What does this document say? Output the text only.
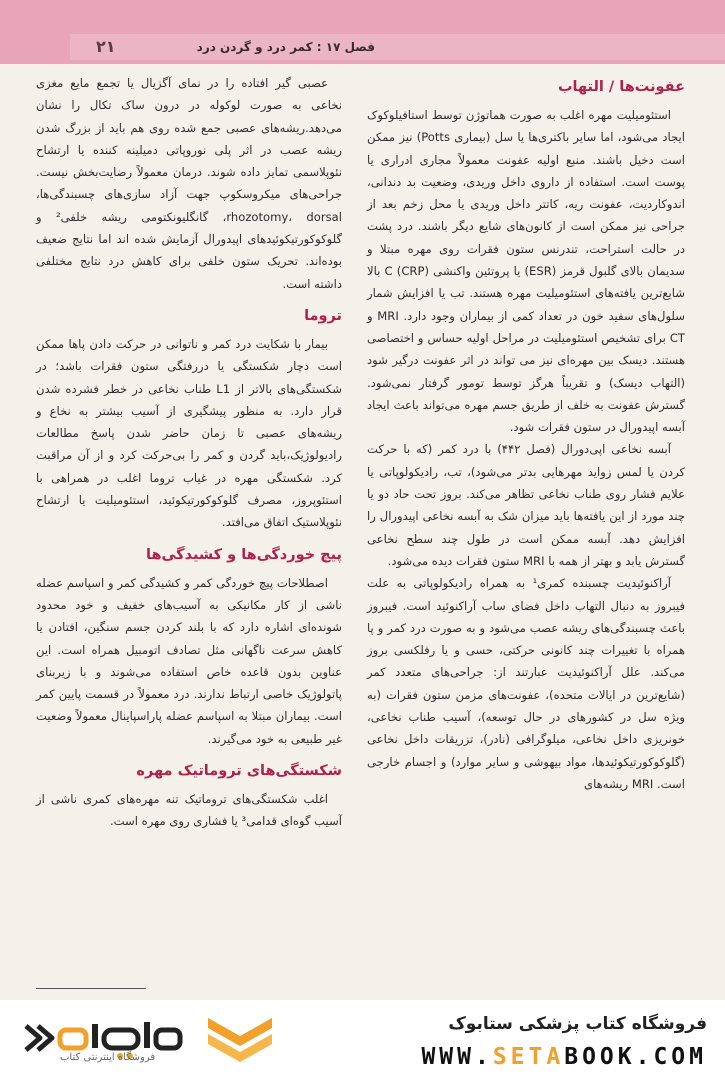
۲۱	فصل ۱۷ : کمر درد و گردن درد
عفونت‌ها / التهاب

استئومیلیت مهره اغلب به صورت هماتوژن توسط استافیلوکوک ایجاد می‌شود، اما سایر باکتری‌ها یا سل (بیماری Potts) نیز ممکن است دخیل باشند. منبع اولیه عفونت معمولاً مجاری ادراری یا پوست است. استفاده از داروی داخل وریدی، وضعیت بد دندانی، اندوکاردیت، عفونت ریه، کاتتر داخل وریدی یا محل زخم بعد از جراحی نیز ممکن است از کانون‌های شایع دیگر باشند. درد پشت در حالت استراحت، تندرنس ستون فقرات روی مهره مبتلا و سدیمان بالای گلبول قرمز (ESR) یا پروتئین واکنشی (CRP) C بالا شایع‌ترین یافته‌های استئومیلیت مهره هستند. تب یا افزایش شمار سلول‌های سفید خون در تعداد کمی از بیماران وجود دارد. MRI و CT برای تشخیص استئومیلیت در مراحل اولیه حساس و اختصاصی هستند. دیسک بین مهره‌ای نیز می‌ تواند در اثر عفونت درگیر شود (التهاب دیسک) و تقریباً هرگز توسط تومور گرفتار نمی‌شود. گسترش عفونت به خلف از طریق جسم مهره می‌تواند باعث ایجاد آبسه اپیدورال در ستون فقرات شود.

آبسه نخاعی اپی‌دورال (فصل ۴۴۲) با درد کمر (که با حرکت کردن یا لمس زواید مهرهایی بدتر می‌شود)، تب، رادیکولوپاتی یا علایم فشار روی طناب نخاعی تظاهر می‌کند. بروز تحت حاد دو یا چند مورد از این یافته‌ها باید میزان شک به آبسه نخاعی اپیدورال را افزایش دهد. آبسه ممکن است در طول چند سطح نخاعی گسترش یابد و بهتر از همه با MRI ستون فقرات دیده می‌شود.

آراکنوئیدیت چسبنده کمری¹ به همراه رادیکولوپاتی به علت فیبروز به دنبال التهاب داخل فضای ساب آراکنوئید است. فیبروز باعث چسبندگی‌های ریشه عصب می‌شود و به صورت درد کمر و پا همراه با تغییرات چند کانونی حرکتی، حسی و یا رفلکسی بروز می‌کند. علل آراکنوئیدیت عبارتند از: جراحی‌های متعدد کمر (شایع‌ترین در ایالات متحده)، عفونت‌های مزمن ستون فقرات (به ویژه سل در کشورهای در حال توسعه)، آسیب طناب نخاعی، خونریزی داخل نخاعی، میلوگرافی (نادر)، تزریقات داخل نخاعی (گلوکوکورتیکوئیدها، مواد بیهوشی و سایر موارد) و اجسام خارجی است. MRI ریشه‌های

عصبی گیر افتاده را در نمای آگزیال یا تجمع مایع مغزی نخاعی به صورت لوکوله در درون ساک تکال را نشان می‌دهد.ریشه‌های عصبی جمع شده روی هم باید از بزرگ شدن ریشه عصب در اثر پلی نوروپاتی دمیلینه کننده یا ارتشاح نئوپلاسمی تمایز داده شوند. درمان معمولاً رضایت‌بخش نیست. جراحی‌های میکروسکوپ جهت آزاد سازی‌های چسبندگی‌ها، rhozotomy، dorsal، گانگلیونکتومی ریشه خلفی² و گلوکوکورتیکوئیدهای اپیدورال آزمایش شده اند اما نتایج ضعیف بوده‌اند. تحریک ستون خلفی برای کاهش درد نتایج مختلفی داشته است.

تروما

بیمار با شکایت درد کمر و ناتوانی در حرکت دادن پاها ممکن است دچار شکستگی یا دررفتگی ستون فقرات باشد؛ در شکستگی‌های بالاتر از L1 طناب نخاعی در خطر فشرده شدن قرار دارد. به منظور پیشگیری از آسیب بیشتر به نخاع و ریشه‌های عصبی تا زمان حاضر شدن پاسخ مطالعات رادیولوژیک،باید گردن و کمر را بی‌حرکت کرد و از آن مراقبت کرد. شکستگی مهره در غیاب تروما اغلب در همراهی با استئوپروز، مصرف گلوکوکورتیکوئید، استئومیلیت یا ارتشاح نئوپلاستیک اتفاق می‌افتد.

پیچ خوردگی‌ها و کشیدگی‌ها

اصطلاحات پیچ خوردگی کمر و کشیدگی کمر و اسپاسم عضله ناشی از کار مکانیکی به آسیب‌های خفیف و خود محدود شونده‌ای اشاره دارد که با بلند کردن جسم سنگین، افتادن یا کاهش سرعت ناگهانی مثل تصادف اتومبیل همراه است. این عناوین بدون قاعده خاص استفاده می‌شوند و با زیربنای پاتولوژیک خاصی ارتباط ندارند. درد معمولاً در قسمت پایین کمر است. بیماران مبتلا به اسپاسم عضله پاراسپاینال معمولاً وضعیت غیر طبیعی به خود می‌گیرند.

شکستگی‌های تروماتیک مهره

اغلب شکستگی‌های تروماتیک تنه مهره‌های کمری ناشی از آسیب گوه‌ای قدامی³ یا فشاری روی مهره است.

فروشگاه کتاب پزشکی ستابوک
WWW.SETABOOK.COM
فروشگاه اینترنتی کتاب
